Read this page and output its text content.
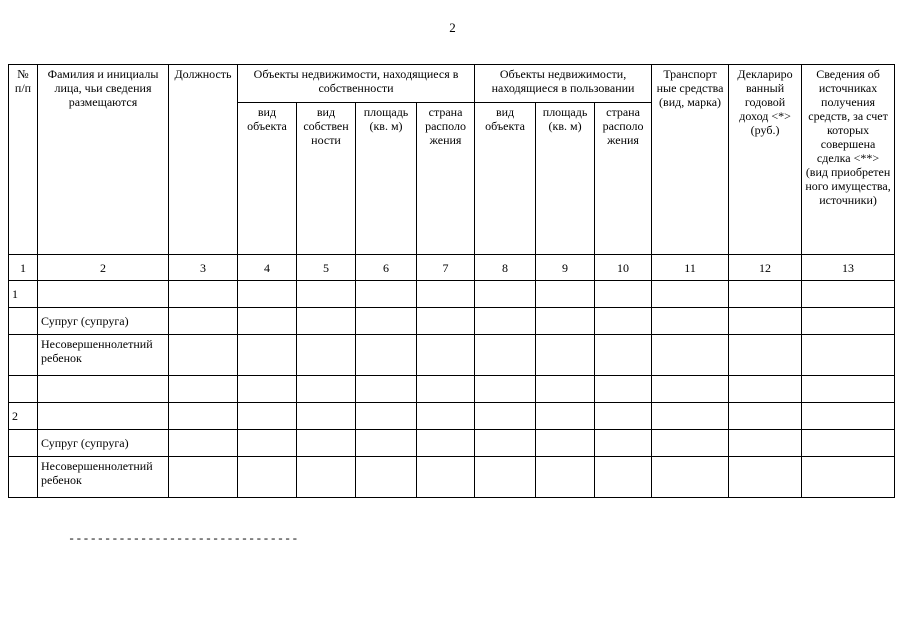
2
№ п/п	Фамилия и инициалы лица, чьи сведения размещаются	Должность	Объекты недвижимости, находящиеся в собственности				Объекты недвижимости, находящиеся в пользовании			Транспорт ные средства (вид, марка)	Деклариро ванный годовой доход <*> (руб.)	Сведения об источниках получения средств, за счет которых совершена сделка <**> (вид приобретен ного имущества, источники)
			вид объекта	вид собствен ности	площадь (кв. м)	страна располо жения	вид объекта	площадь (кв. м)	страна располо жения			
1	2	3	4	5	6	7	8	9	10	11	12	13
1												
	Супруг (супруга)											
	Несовершеннолетний ребенок											

2												
	Супруг (супруга)											
	Несовершеннолетний ребенок											
--------------------------------
